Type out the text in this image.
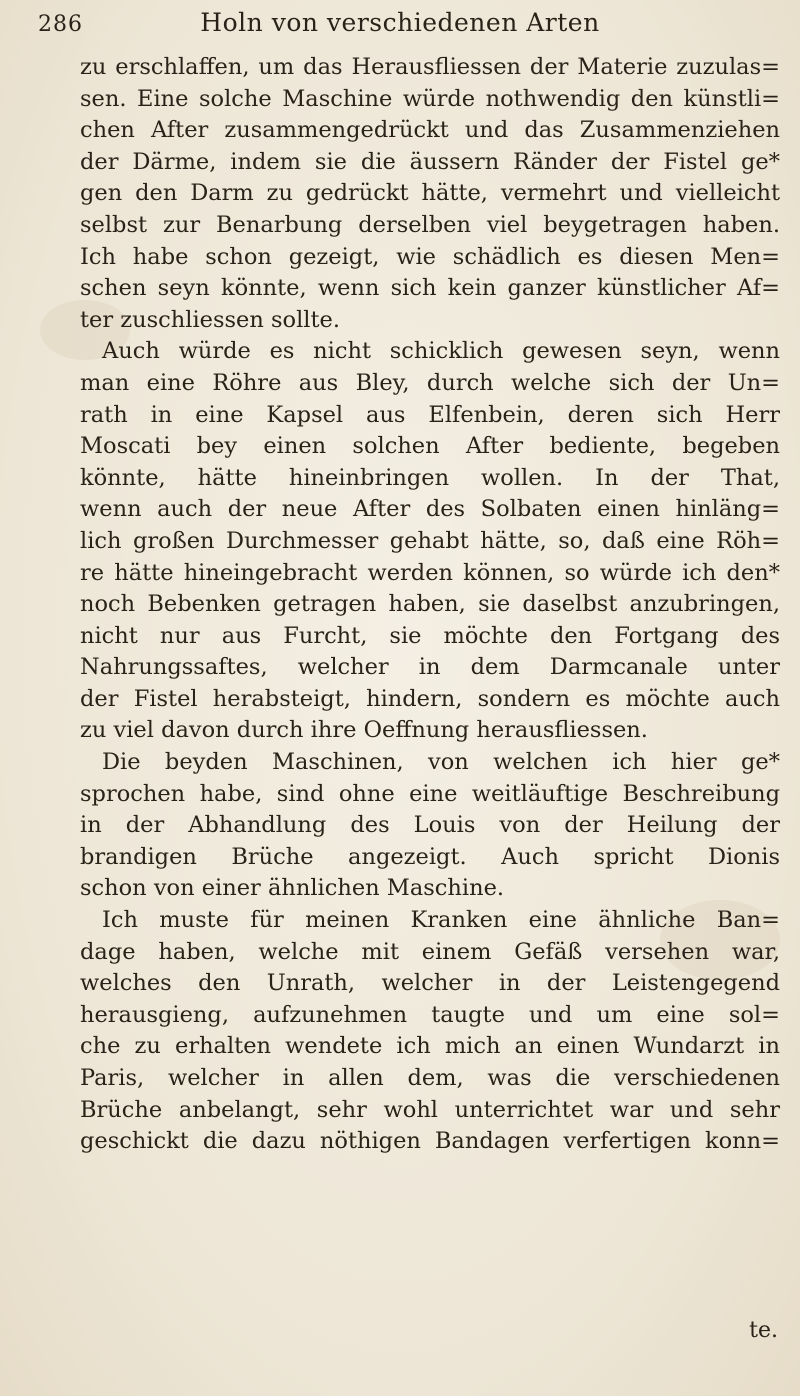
286	Holn von verschiedenen Arten
zu erschlaffen, um das Herausfliessen der Materie zuzulas=
sen. Eine solche Maschine würde nothwendig den künstli=
chen After zusammengedrückt und das Zusammenziehen
der Därme, indem sie die äussern Ränder der Fistel ge*
gen den Darm zu gedrückt hätte, vermehrt und vielleicht
selbst zur Benarbung derselben viel beygetragen haben.
Ich habe schon gezeigt, wie schädlich es diesen Men=
schen seyn könnte, wenn sich kein ganzer künstlicher Af=
ter zuschliessen sollte.
Auch würde es nicht schicklich gewesen seyn, wenn
man eine Röhre aus Bley, durch welche sich der Un=
rath in eine Kapsel aus Elfenbein, deren sich Herr
Moscati bey einen solchen After bediente, begeben
könnte, hätte hineinbringen wollen. In der That,
wenn auch der neue After des Solbaten einen hinläng=
lich großen Durchmesser gehabt hätte, so, daß eine Röh=
re hätte hineingebracht werden können, so würde ich den*
noch Bebenken getragen haben, sie daselbst anzubringen,
nicht nur aus Furcht, sie möchte den Fortgang des
Nahrungssaftes, welcher in dem Darmcanale unter
der Fistel herabsteigt, hindern, sondern es möchte auch
zu viel davon durch ihre Oeffnung herausfliessen.
Die beyden Maschinen, von welchen ich hier ge*
sprochen habe, sind ohne eine weitläuftige Beschreibung
in der Abhandlung des Louis von der Heilung der
brandigen Brüche angezeigt. Auch spricht Dionis
schon von einer ähnlichen Maschine.
Ich muste für meinen Kranken eine ähnliche Ban=
dage haben, welche mit einem Gefäß versehen war,
welches den Unrath, welcher in der Leistengegend
herausgieng, aufzunehmen taugte und um eine sol=
che zu erhalten wendete ich mich an einen Wundarzt in
Paris, welcher in allen dem, was die verschiedenen
Brüche anbelangt, sehr wohl unterrichtet war und sehr
geschickt die dazu nöthigen Bandagen verfertigen konn=
te.
